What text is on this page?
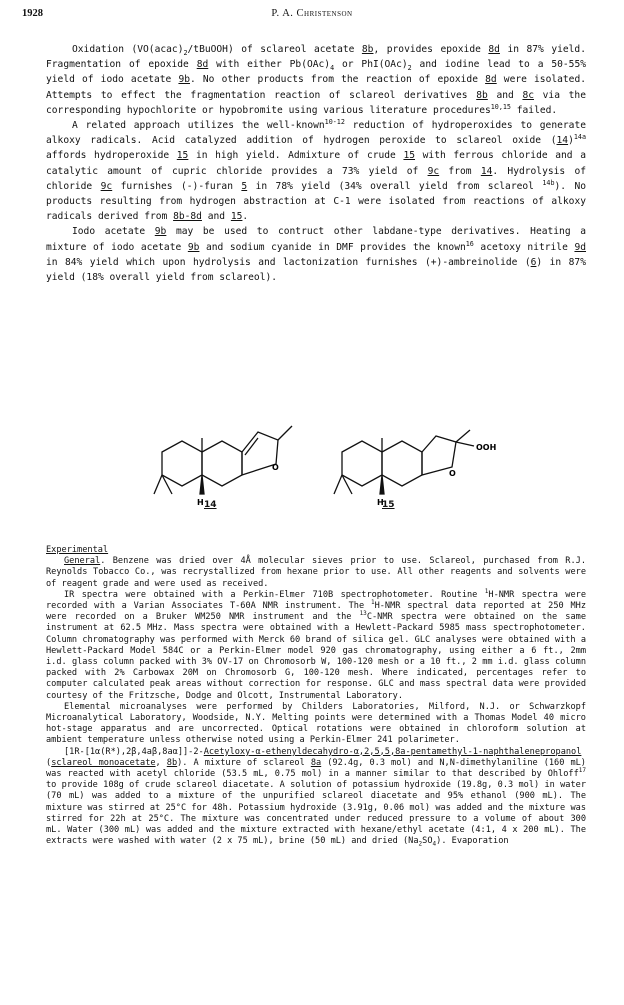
1928	P. A. Christenson

Oxidation $(VO(acac)_2/tBuOOH)$ of sclareol acetate 8b, provides epoxide 8d in 87% yield. Fragmentation of epoxide 8d with either $Pb(OAc)_4$ or $PhI(OAc)_2$ and iodine lead to a 50-55% yield of iodo acetate 9b. No other products from the reaction of epoxide 8d were isolated. Attempts to effect the fragmentation reaction of sclareol derivatives 8b and 8c via the corresponding hypochlorite or hypobromite using various literature procedures$^{10,15}$ failed.

A related approach utilizes the well-known$^{10-12}$ reduction of hydroperoxides to generate alkoxy radicals. Acid catalyzed addition of hydrogen peroxide to sclareol oxide $(14)^{14a}$ affords hydroperoxide 15 in high yield. Admixture of crude 15 with ferrous chloride and a catalytic amount of cupric chloride provides a 73% yield of 9c from 14. Hydrolysis of chloride 9c furnishes (-)-furan 5 in 78% yield (34% overall yield from sclareol $^{14b}$). No products resulting from hydrogen abstraction at C-1 were isolated from reactions of alkoxy radicals derived from 8b-8d and 15.

Iodo acetate 9b may be used to contruct other labdane-type derivatives. Heating a mixture of iodo acetate 9b and sodium cyanide in DMF provides the known$^{16}$ acetoxy nitrile 9d in 84% yield which upon hydrolysis and lactonization furnishes (+)-ambreinolide (6) in 87% yield (18% overall yield from sclareol).

H
O
OOH
O
H
14	15

Experimental

General. Benzene was dried over 4Å molecular sieves prior to use. Sclareol, purchased from R.J. Reynolds Tobacco Co., was recrystallized from hexane prior to use. All other reagents and solvents were of reagent grade and were used as received.

IR spectra were obtained with a Perkin-Elmer 710B spectrophotometer. Routine $^1$H-NMR spectra were recorded with a Varian Associates T-60A NMR instrument. The $^1$H-NMR spectral data reported at 250 MHz were recorded on a Bruker WM250 NMR instrument and the $^{13}$C-NMR spectra were obtained on the same instrument at 62.5 MHz. Mass spectra were obtained with a Hewlett-Packard 5985 mass spectrophotometer. Column chromatography was performed with Merck 60 brand of silica gel. GLC analyses were obtained with a Hewlett-Packard Model 584C or a Perkin-Elmer model 920 gas chromatography, using either a 6 ft., 2mm i.d. glass column packed with 3% OV-17 on Chromosorb W, 100-120 mesh or a 10 ft., 2 mm i.d. glass column packed with 2% Carbowax 20M on Chromosorb G, 100-120 mesh. Where indicated, percentages refer to computer calculated peak areas without correction for response. GLC and mass spectral data were provided courtesy of the Fritzsche, Dodge and Olcott, Instrumental Laboratory.

Elemental microanalyses were performed by Childers Laboratories, Milford, N.J. or Schwarzkopf Microanalytical Laboratory, Woodside, N.Y. Melting points were determined with a Thomas Model 40 micro hot-stage apparatus and are uncorrected. Optical rotations were obtained in chloroform solution at ambient temperature unless otherwise noted using a Perkin-Elmer 241 polarimeter.

[1R-[1α(R*),2β,4aβ,8aα]]-2-Acetyloxy-α-ethenyldecahydro-α,2,5,5,8a-pentamethyl-1-naphthalenepropanol (sclareol monoacetate, 8b). A mixture of sclareol 8a (92.4g, 0.3 mol) and N,N-dimethylaniline (160 mL) was reacted with acetyl chloride (53.5 mL, 0.75 mol) in a manner similar to that described by Ohloff$^{17}$ to provide 108g of crude sclareol diacetate. A solution of potassium hydroxide (19.8g, 0.3 mol) in water (70 mL) was added to a mixture of the unpurified sclareol diacetate and 95% ethanol (900 mL). The mixture was stirred at 25°C for 48h. Potassium hydroxide (3.91g, 0.06 mol) was added and the mixture was stirred for 22h at 25°C. The mixture was concentrated under reduced pressure to a volume of about 300 mL. Water (300 mL) was added and the mixture extracted with hexane/ethyl acetate (4:1, 4 x 200 mL). The extracts were washed with water (2 x 75 mL), brine (50 mL) and dried $(Na_2SO_4)$. Evaporation
